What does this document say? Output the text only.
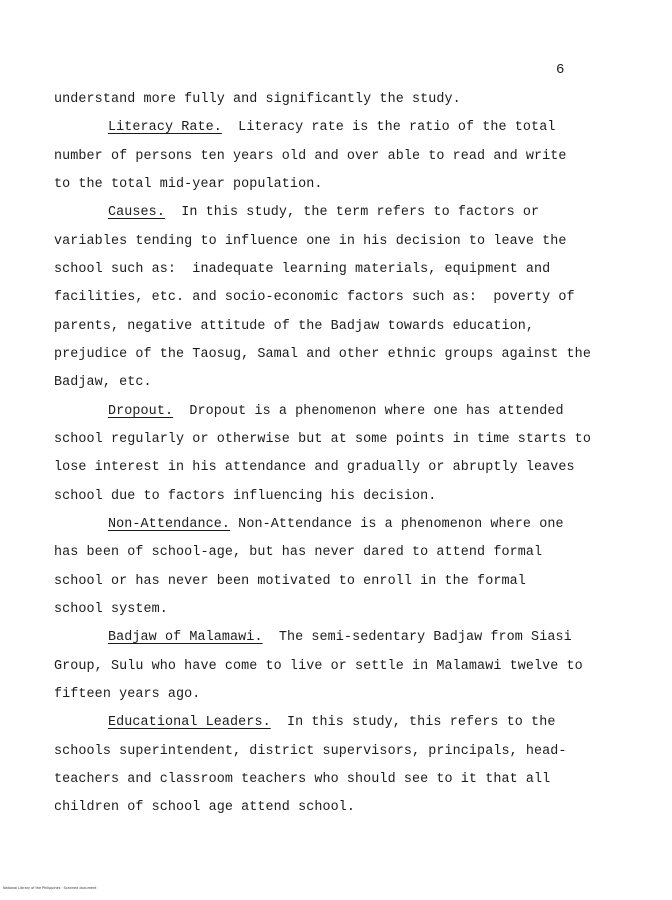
6
understand more fully and significantly the study.
Literacy Rate.  Literacy rate is the ratio of the total
number of persons ten years old and over able to read and write
to the total mid-year population.
Causes.  In this study, the term refers to factors or
variables tending to influence one in his decision to leave the
school such as:  inadequate learning materials, equipment and
facilities, etc. and socio-economic factors such as:  poverty of
parents, negative attitude of the Badjaw towards education,
prejudice of the Taosug, Samal and other ethnic groups against the
Badjaw, etc.
Dropout.  Dropout is a phenomenon where one has attended
school regularly or otherwise but at some points in time starts to
lose interest in his attendance and gradually or abruptly leaves
school due to factors influencing his decision.
Non-Attendance. Non-Attendance is a phenomenon where one
has been of school-age, but has never dared to attend formal
school or has never been motivated to enroll in the formal
school system.
Badjaw of Malamawi.  The semi-sedentary Badjaw from Siasi
Group, Sulu who have come to live or settle in Malamawi twelve to
fifteen years ago.
Educational Leaders.  In this study, this refers to the
schools superintendent, district supervisors, principals, head-
teachers and classroom teachers who should see to it that all
children of school age attend school.
National Library of the Philippines · Scanned document
